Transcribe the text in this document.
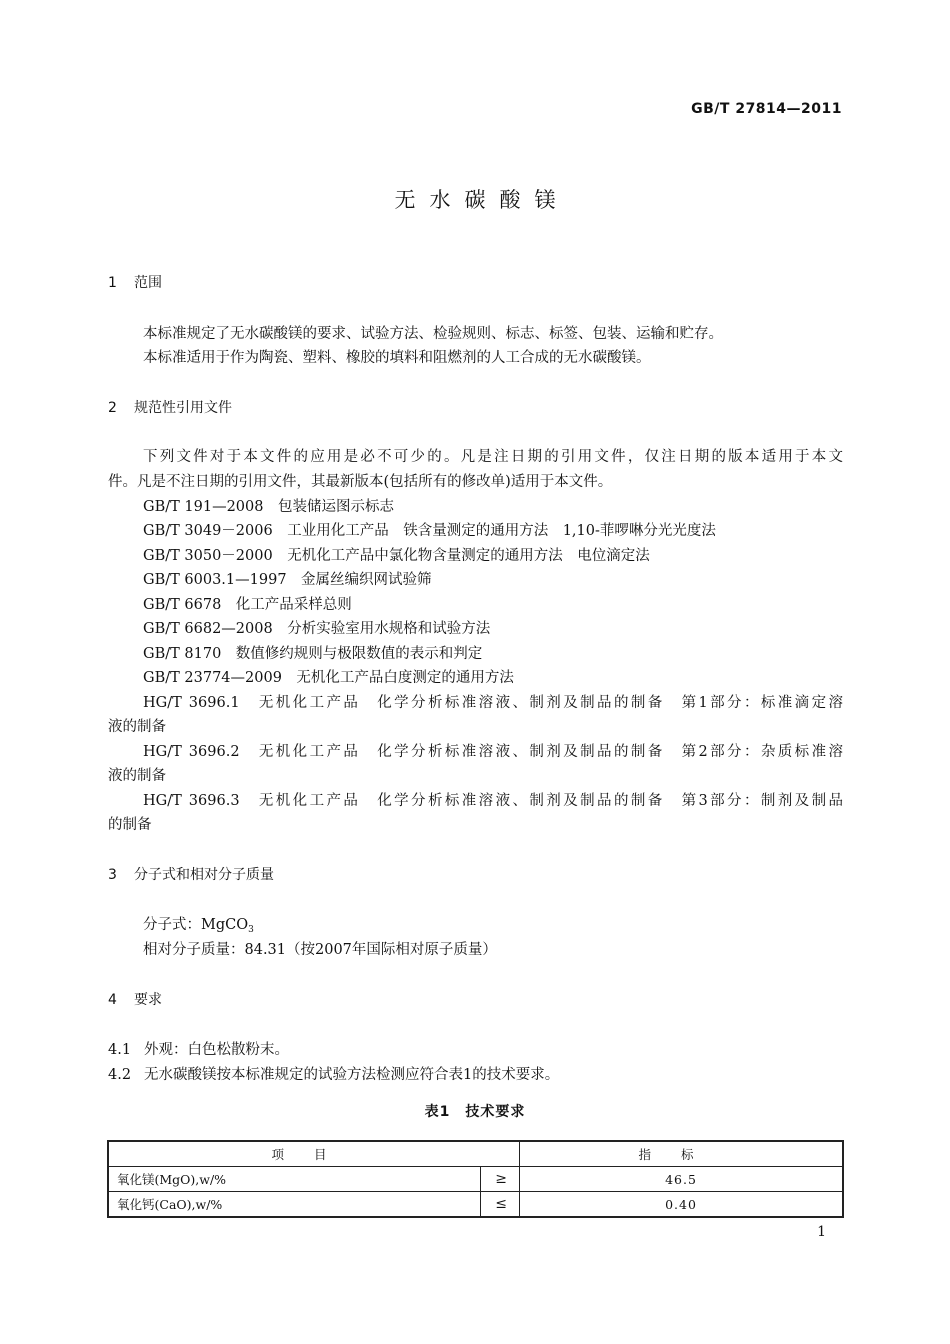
GB/T 27814—2011
无水碳酸镁
1 范围
本标准规定了无水碳酸镁的要求、试验方法、检验规则、标志、标签、包装、运输和贮存。
本标准适用于作为陶瓷、塑料、橡胶的填料和阻燃剂的人工合成的无水碳酸镁。
2 规范性引用文件
下列文件对于本文件的应用是必不可少的。凡是注日期的引用文件，仅注日期的版本适用于本文
件。凡是不注日期的引用文件，其最新版本(包括所有的修改单)适用于本文件。
GB/T 191—2008　包装储运图示标志
GB/T 3049－2006　工业用化工产品　铁含量测定的通用方法　1,10-菲啰啉分光光度法
GB/T 3050－2000　无机化工产品中氯化物含量测定的通用方法　电位滴定法
GB/T 6003.1—1997　金属丝编织网试验筛
GB/T 6678　化工产品采样总则
GB/T 6682—2008　分析实验室用水规格和试验方法
GB/T 8170　数值修约规则与极限数值的表示和判定
GB/T 23774—2009　无机化工产品白度测定的通用方法
HG/T 3696.1　无机化工产品　化学分析标准溶液、制剂及制品的制备　第1部分：标准滴定溶
液的制备
HG/T 3696.2　无机化工产品　化学分析标准溶液、制剂及制品的制备　第2部分：杂质标准溶
液的制备
HG/T 3696.3　无机化工产品　化学分析标准溶液、制剂及制品的制备　第3部分：制剂及制品
的制备
3 分子式和相对分子质量
分子式：MgCO$_3$
相对分子质量：84.31（按2007年国际相对原子质量）
4 要求
4.1 外观：白色松散粉末。
4.2 无水碳酸镁按本标准规定的试验方法检测应符合表1的技术要求。
表1　技术要求
项目		指标
氧化镁(MgO),w/%	≥	46.5
氧化钙(CaO),w/%	≤	0.40
1
